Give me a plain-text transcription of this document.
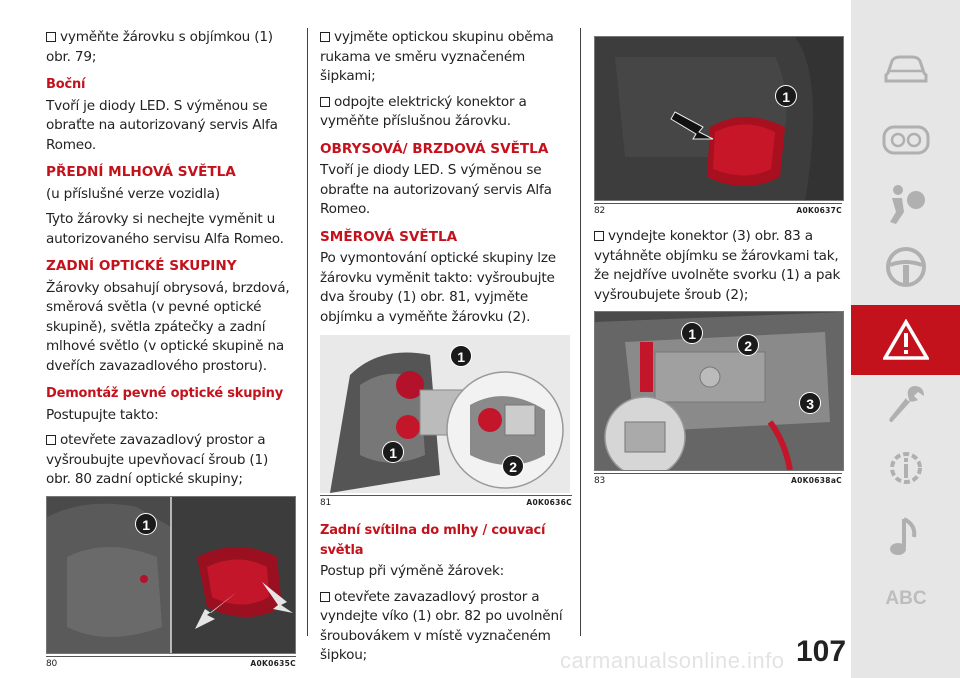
vyměňte žárovku s objímkou (1) obr. 79;

Boční

Tvoří je diody LED. S výměnou se obraťte na autorizovaný servis Alfa Romeo.

PŘEDNÍ MLHOVÁ SVĚTLA

(u příslušné verze vozidla)

Tyto žárovky si nechejte vyměnit u autorizovaného servisu Alfa Romeo.

ZADNÍ OPTICKÉ SKUPINY

Žárovky obsahují obrysová, brzdová, směrová světla (v pevné optické skupině), světla zpátečky a zadní mlhové světlo (v optické skupině na dveřích zavazadlového prostoru).

Demontáž pevné optické skupiny

Postupujte takto:

otevřete zavazadlový prostor a vyšroubujte upevňovací šroub (1) obr. 80 zadní optické skupiny;

1
80	A0K0635C

vyjměte optickou skupinu oběma rukama ve směru vyznačeném šipkami;

odpojte elektrický konektor a vyměňte příslušnou žárovku.

OBRYSOVÁ/ BRZDOVÁ SVĚTLA

Tvoří je diody LED. S výměnou se obraťte na autorizovaný servis Alfa Romeo.

SMĚROVÁ SVĚTLA

Po vymontování optické skupiny lze žárovku vyměnit takto: vyšroubujte dva šrouby (1) obr. 81, vyjměte objímku a vyměňte žárovku (2).

1
1
2
81	A0K0636C
Zadní svítilna do mlhy / couvací světla

Postup při výměně žárovek:

otevřete zavazadlový prostor a vyndejte víko (1) obr. 82 po uvolnění šroubovákem v místě vyznačeném šipkou;

1
82	A0K0637C

vyndejte konektor (3) obr. 83 a vytáhněte objímku se žárovkami tak, že nejdříve uvolněte svorku (1) a pak vyšroubujete šroub (2);

1
2
3
83	A0K0638aC
ABC
carmanualsonline.info 107
